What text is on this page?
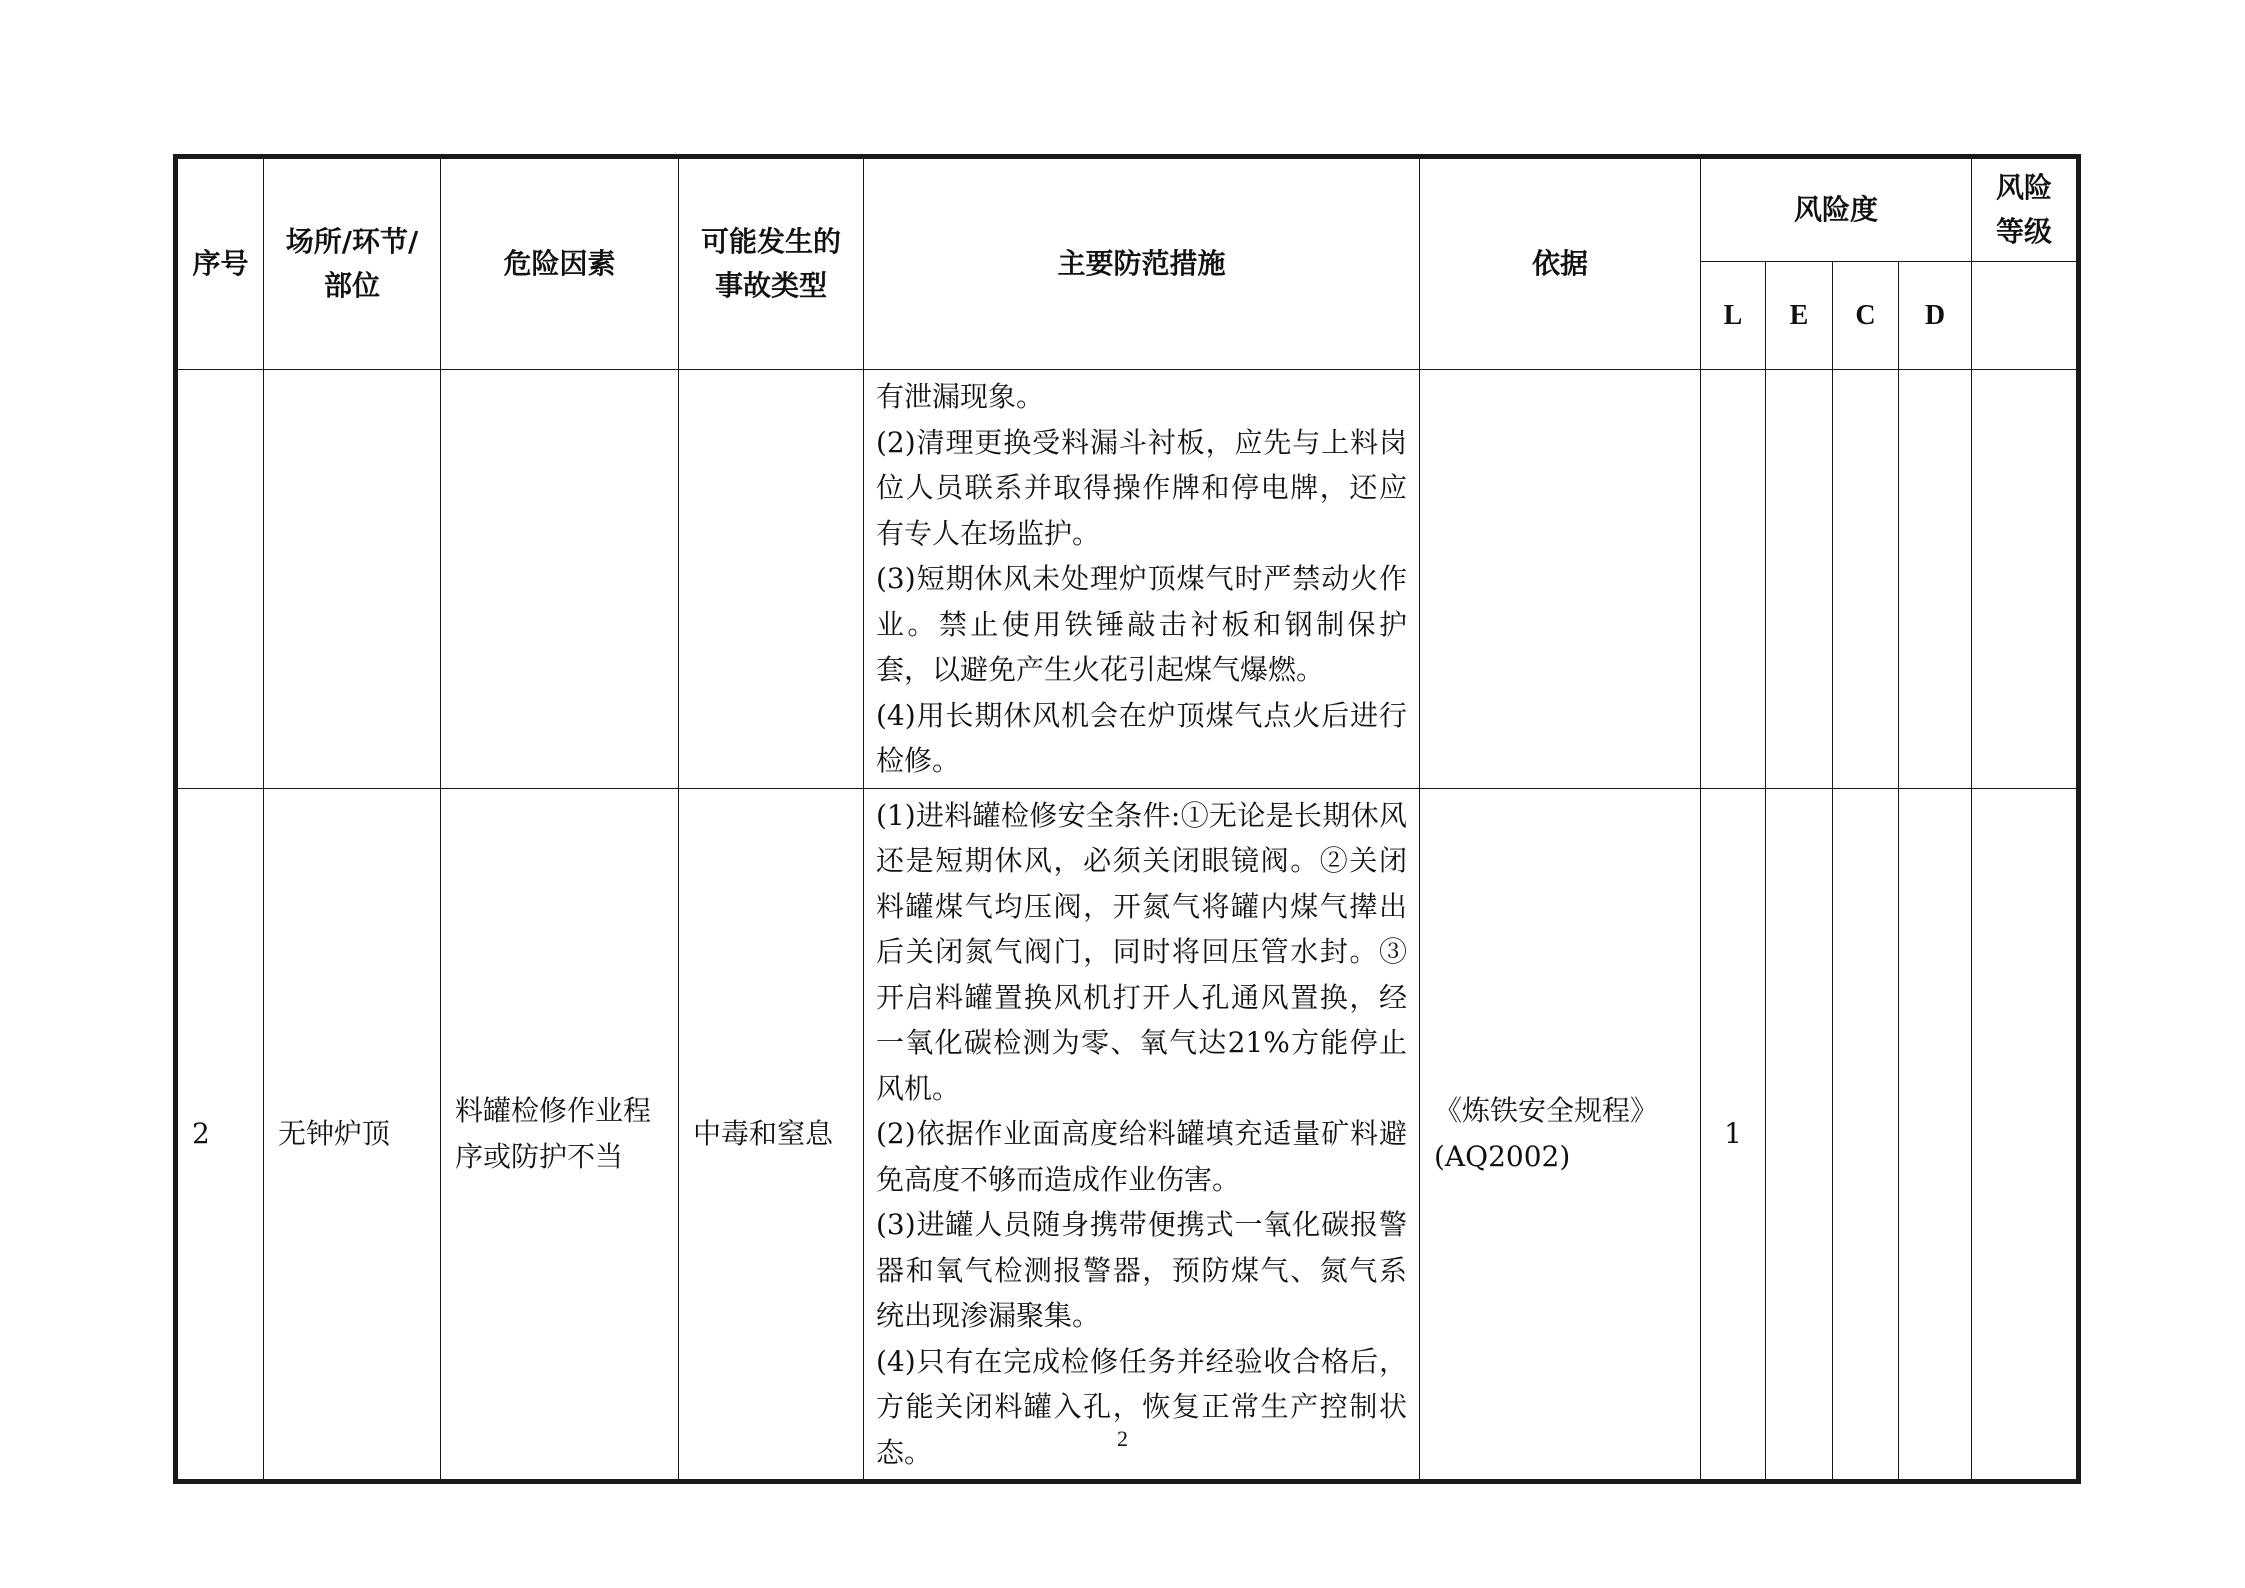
序号	场所/环节/部位	危险因素	可能发生的事故类型	主要防范措施	依据	风险度				风险等级
						L	E	C	D	

				有泄漏现象。

(2)清理更换受料漏斗衬板，应先与上料岗位人员联系并取得操作牌和停电牌，还应有专人在场监护。

(3)短期休风未处理炉顶煤气时严禁动火作业。禁止使用铁锤敲击衬板和钢制保护套，以避免产生火花引起煤气爆燃。

(4)用长期休风机会在炉顶煤气点火后进行检修。						

2	无钟炉顶	料罐检修作业程序或防护不当	中毒和窒息	(1)进料罐检修安全条件:①无论是长期休风还是短期休风，必须关闭眼镜阀。②关闭料罐煤气均压阀，开氮气将罐内煤气撵出后关闭氮气阀门，同时将回压管水封。③开启料罐置换风机打开人孔通风置换，经一氧化碳检测为零、氧气达21%方能停止风机。

(2)依据作业面高度给料罐填充适量矿料避免高度不够而造成作业伤害。

(3)进罐人员随身携带便携式一氧化碳报警器和氧气检测报警器，预防煤气、氮气系统出现渗漏聚集。

(4)只有在完成检修任务并经验收合格后，方能关闭料罐入孔，恢复正常生产控制状态。	《炼铁安全规程》(AQ2002)	1				
2
